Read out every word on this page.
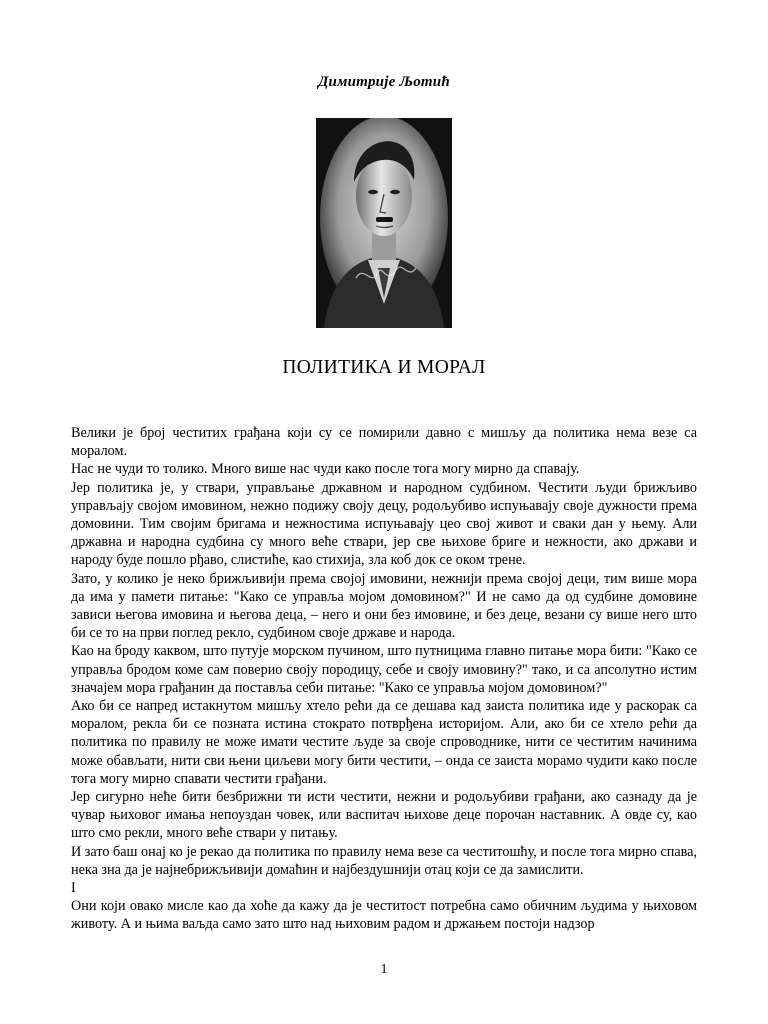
Димитрије Љотић
ПОЛИТИКА И МОРАЛ

Велики је број честитих грађана који су се помирили давно с мишљу да политика нема везе са моралом.

Нас не чуди то толико. Много више нас чуди како после тога могу мирно да спавају.

Јер политика је, у ствари, управљање државном и народном судбином. Честити људи брижљиво управљају својом имовином, нежно подижу своју децу, родољубиво испуњавају своје дужности према домовини. Тим својим бригама и нежностима испуњавају цео свој живот и сваки дан у њему. Али државна и народна судбина су много веће ствари, јер све њихове бриге и нежности, ако држави и народу буде пошло рђаво, слистиће, као стихија, зла коб док се оком трене.

Зато, у колико је неко брижљивији према својој имовини, нежнији према својој деци, тим више мора да има у памети питање: "Како се управља мојом домовином?" И не само да од судбине домовине зависи његова имовина и његова деца, – него и они без имовине, и без деце, везани су више него што би се то на први поглед рекло, судбином своје државе и народа.

Као на броду каквом, што путује морском пучином, што путницима главно питање мора бити: "Како се управља бродом коме сам поверио своју породицу, себе и своју имовину?" тако, и са апсолутно истим значајем мора грађанин да поставља себи питање: "Како се управља мојом домовином?"

Ако би се напред истакнутом мишљу хтело рећи да се дешава кад заиста политика иде у раскорак са моралом, рекла би се позната истина стократо потврђена историјом. Али, ако би се хтело рећи да политика по правилу не може имати честите људе за своје спроводнике, нити се честитим начинима може обављати, нити сви њени циљеви могу бити честити, – онда се заиста морамо чудити како после тога могу мирно спавати честити грађани.

Јер сигурно неће бити безбрижни ти исти честити, нежни и родољубиви грађани, ако сазнаду да је чувар њиховог имања непоуздан човек, или васпитач њихове деце порочан наставник. А овде су, као што смо рекли, много веће ствари у питању.

И зато баш онај ко је рекао да политика по правилу нема везе са честитошћу, и после тога мирно спава, нека зна да је најнебрижљивији домаћин и најбездушнији отац који се да замислити.

I

Они који овако мисле као да хоће да кажу да је честитост потребна само обичним људима у њиховом животу. А и њима ваљда само зато што над њиховим радом и држањем постоји надзор

1
